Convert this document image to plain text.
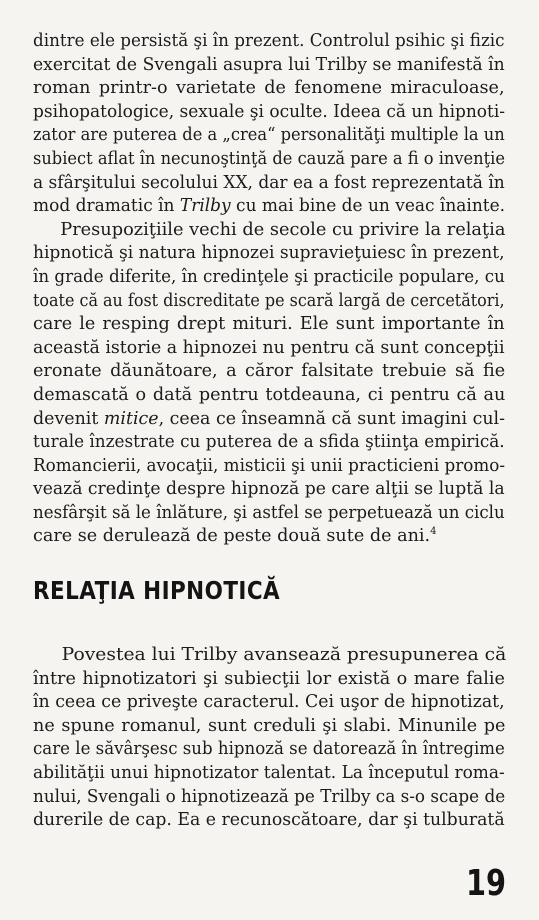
dintre ele persistă şi în prezent. Controlul psihic şi fizic
exercitat de Svengali asupra lui Trilby se manifestă în
roman printr-o varietate de fenomene miraculoase,
psihopatologice, sexuale şi oculte. Ideea că un hipnoti-
zator are puterea de a „crea“ personalităţi multiple la un
subiect aflat în necunoştinţă de cauză pare a fi o invenţie
a sfârşitului secolului XX, dar ea a fost reprezentată în
mod dramatic în Trilby cu mai bine de un veac înainte.

Presupoziţiile vechi de secole cu privire la relaţia
hipnotică şi natura hipnozei supravieţuiesc în prezent,
în grade diferite, în credinţele şi practicile populare, cu
toate că au fost discreditate pe scară largă de cercetători,
care le resping drept mituri. Ele sunt importante în
această istorie a hipnozei nu pentru că sunt concepţii
eronate dăunătoare, a căror falsitate trebuie să fie
demascată o dată pentru totdeauna, ci pentru că au
devenit mitice, ceea ce înseamnă că sunt imagini cul-
turale înzestrate cu puterea de a sfida ştiinţa empirică.
Romancierii, avocaţii, misticii şi unii practicieni promo-
vează credinţe despre hipnoză pe care alţii se luptă la
nesfârşit să le înlăture, şi astfel se perpetuează un ciclu
care se derulează de peste două sute de ani.$^4$

RELAŢIA HIPNOTICĂ

Povestea lui Trilby avansează presupunerea că
între hipnotizatori şi subiecţii lor există o mare falie
în ceea ce priveşte caracterul. Cei uşor de hipnotizat,
ne spune romanul, sunt creduli şi slabi. Minunile pe
care le săvârşesc sub hipnoză se datorează în întregime
abilităţii unui hipnotizator talentat. La începutul roma-
nului, Svengali o hipnotizează pe Trilby ca s-o scape de
durerile de cap. Ea e recunoscătoare, dar şi tulburată

19
